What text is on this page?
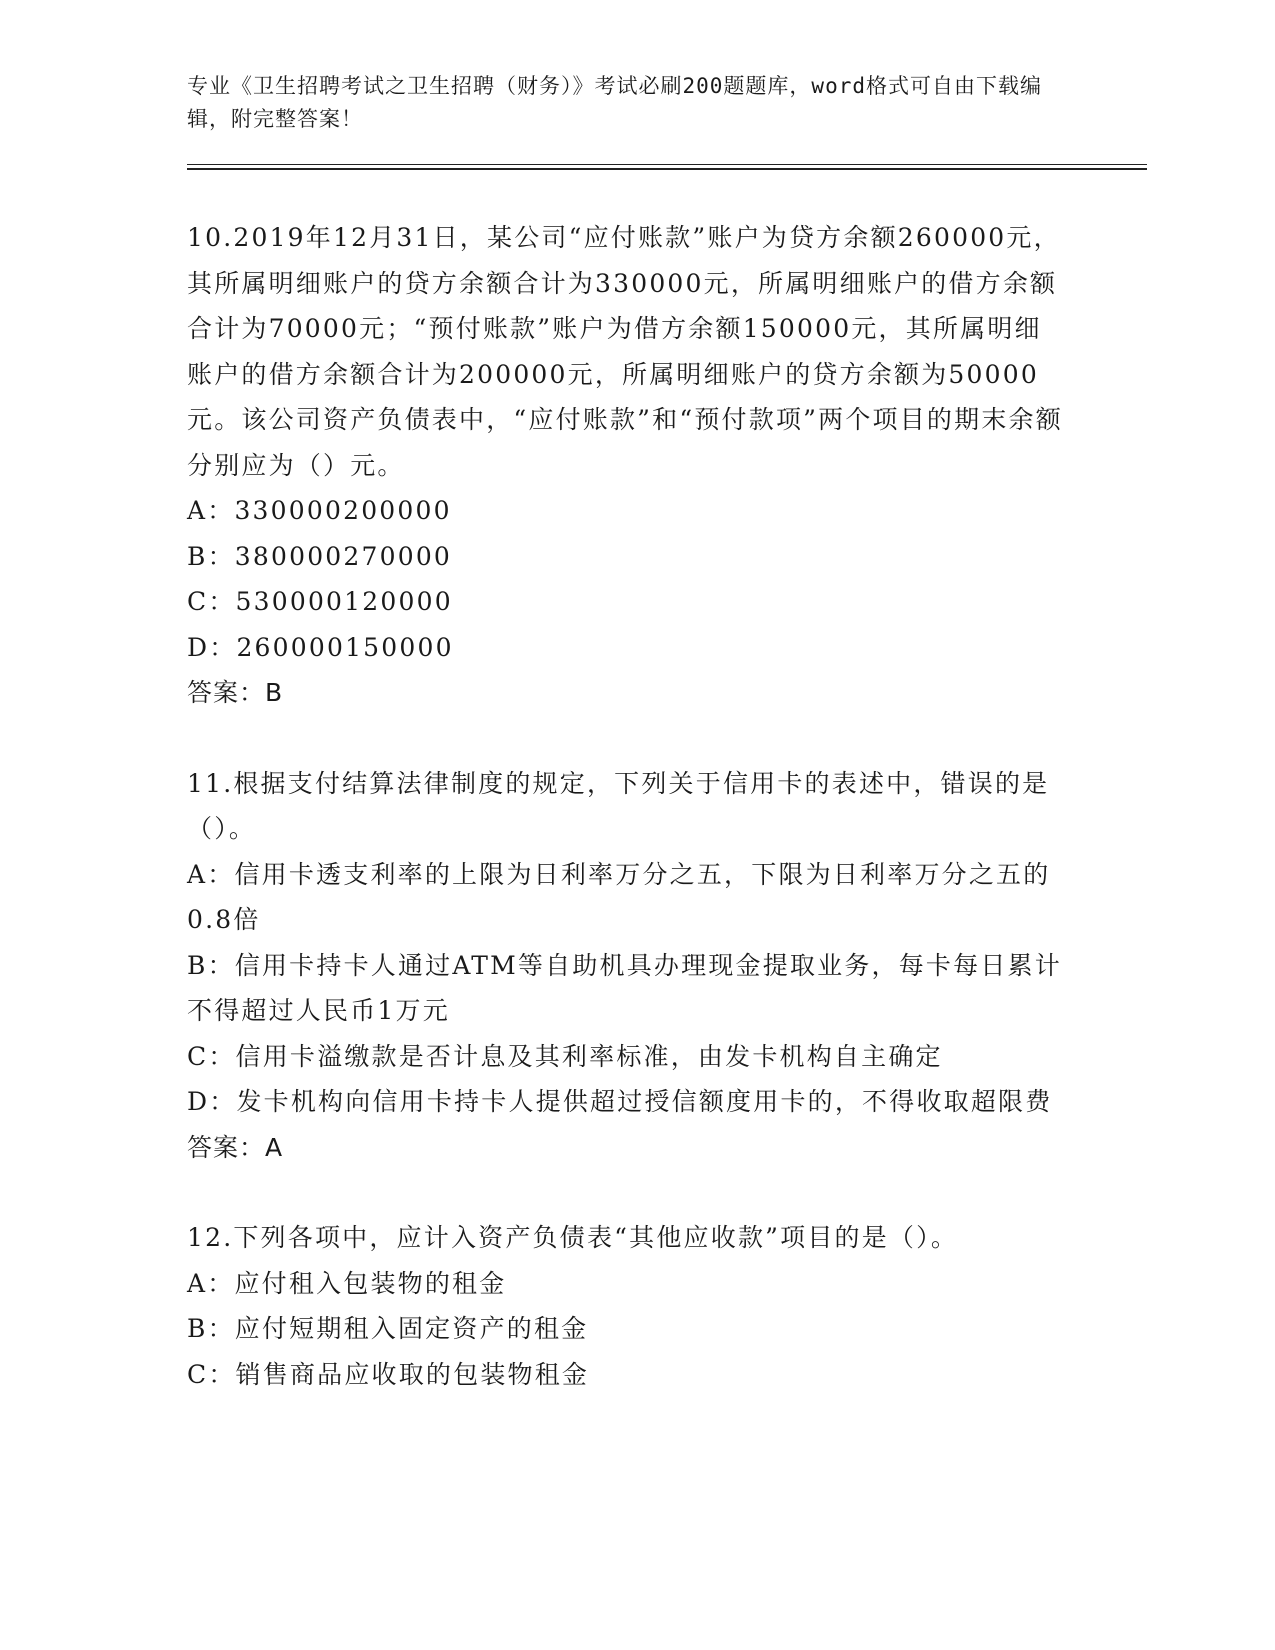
专业《卫生招聘考试之卫生招聘（财务）》考试必刷200题题库，word格式可自由下载编辑，附完整答案！
10.2019年12月31日，某公司“应付账款”账户为贷方余额260000元，其所属明细账户的贷方余额合计为330000元，所属明细账户的借方余额合计为70000元；“预付账款”账户为借方余额150000元，其所属明细账户的借方余额合计为200000元，所属明细账户的贷方余额为50000元。该公司资产负债表中，“应付账款”和“预付款项”两个项目的期末余额分别应为（）元。
A：330000200000
B：380000270000
C：530000120000
D：260000150000
答案：B
11.根据支付结算法律制度的规定，下列关于信用卡的表述中，错误的是（）。
A：信用卡透支利率的上限为日利率万分之五，下限为日利率万分之五的0.8倍
B：信用卡持卡人通过ATM等自助机具办理现金提取业务，每卡每日累计不得超过人民币1万元
C：信用卡溢缴款是否计息及其利率标准，由发卡机构自主确定
D：发卡机构向信用卡持卡人提供超过授信额度用卡的，不得收取超限费
答案：A
12.下列各项中，应计入资产负债表“其他应收款”项目的是（）。
A：应付租入包装物的租金
B：应付短期租入固定资产的租金
C：销售商品应收取的包装物租金
